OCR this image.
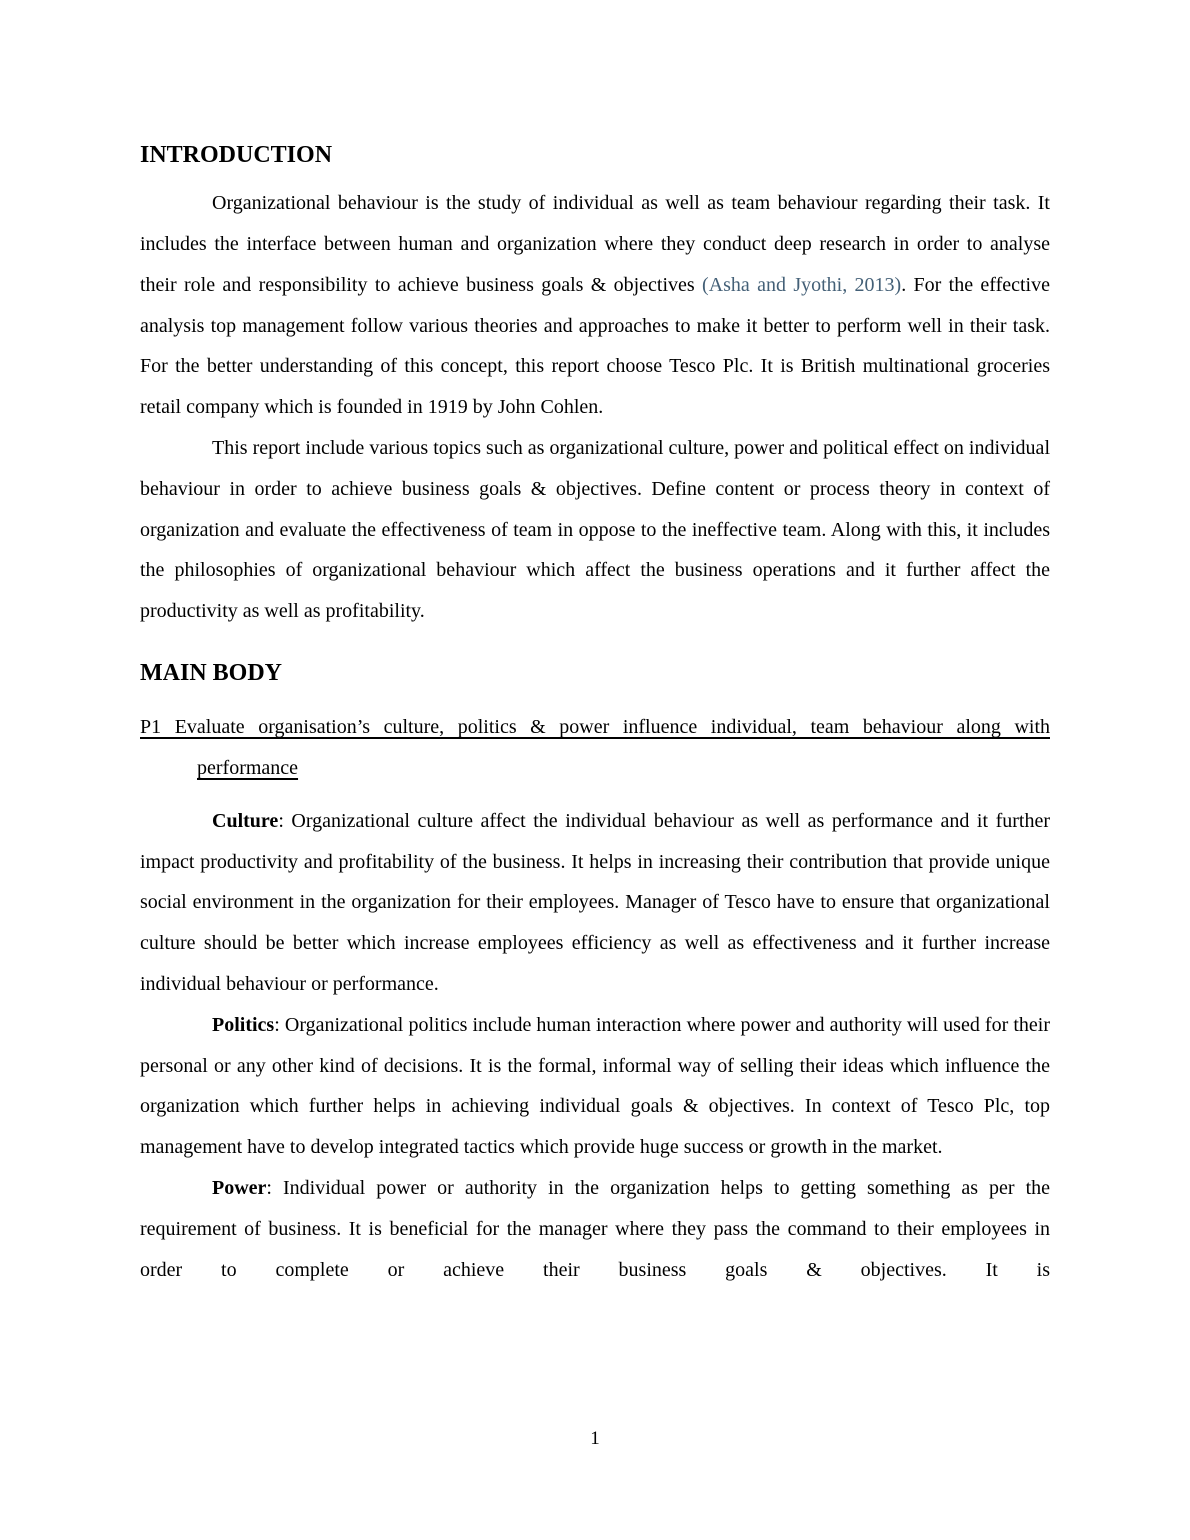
INTRODUCTION

Organizational behaviour is the study of individual as well as team behaviour regarding their task. It includes the interface between human and organization where they conduct deep research in order to analyse their role and responsibility to achieve business goals & objectives (Asha and Jyothi, 2013). For the effective analysis top management follow various theories and approaches to make it better to perform well in their task. For the better understanding of this concept, this report choose Tesco Plc. It is British multinational groceries retail company which is founded in 1919 by John Cohlen.

This report include various topics such as organizational culture, power and political effect on individual behaviour in order to achieve business goals & objectives. Define content or process theory in context of organization and evaluate the effectiveness of team in oppose to the ineffective team. Along with this, it includes the philosophies of organizational behaviour which affect the business operations and it further affect the productivity as well as profitability.

MAIN BODY
P1 Evaluate organisation’s culture, politics & power influence individual, team behaviour along with performance

Culture: Organizational culture affect the individual behaviour as well as performance and it further impact productivity and profitability of the business. It helps in increasing their contribution that provide unique social environment in the organization for their employees. Manager of Tesco have to ensure that organizational culture should be better which increase employees efficiency as well as effectiveness and it further increase individual behaviour or performance.

Politics: Organizational politics include human interaction where power and authority will used for their personal or any other kind of decisions. It is the formal, informal way of selling their ideas which influence the organization which further helps in achieving individual goals & objectives. In context of Tesco Plc, top management have to develop integrated tactics which provide huge success or growth in the market.

Power: Individual power or authority in the organization helps to getting something as per the requirement of business. It is beneficial for the manager where they pass the command to their employees in order to complete or achieve their business goals & objectives. It is

1
